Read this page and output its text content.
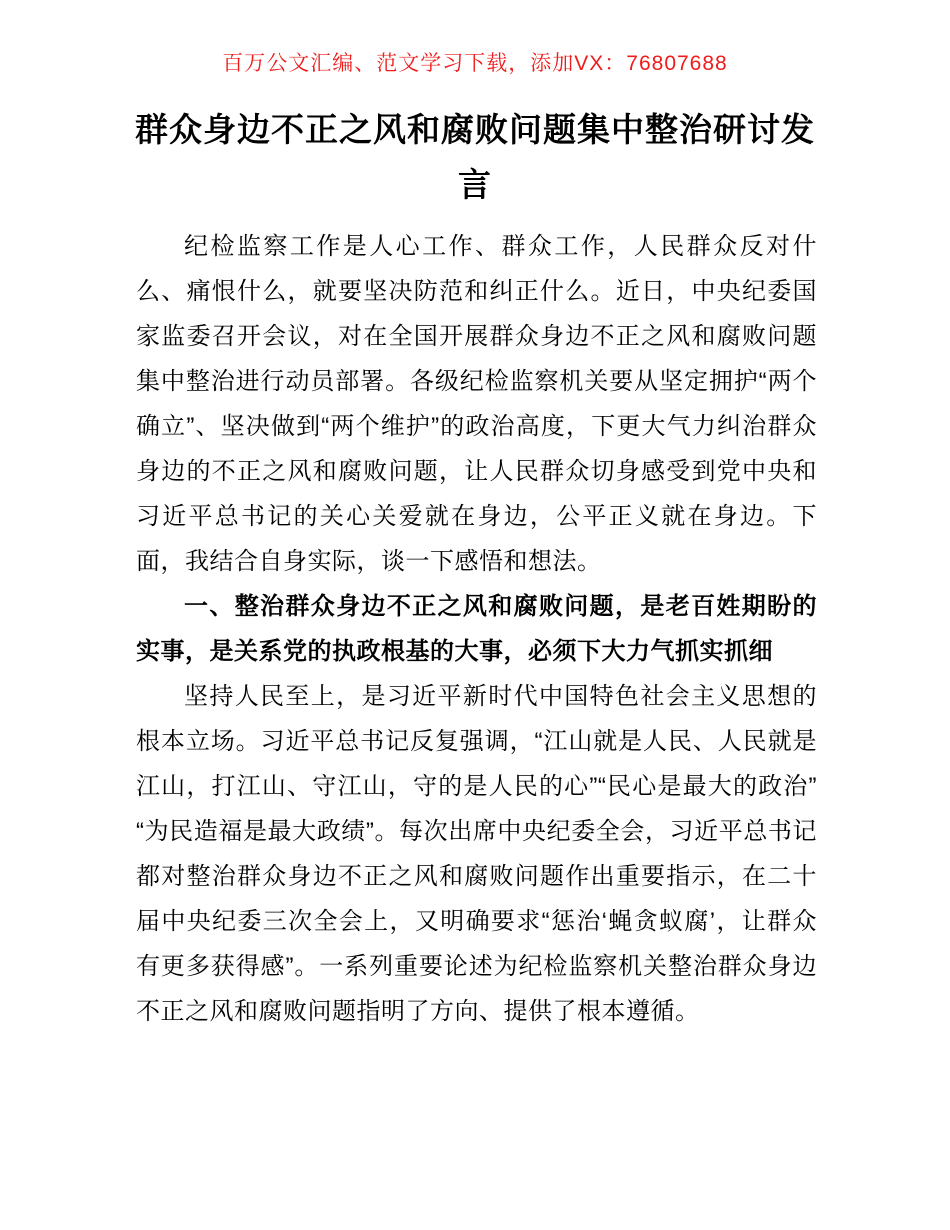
百万公文汇编、范文学习下载，添加VX：76807688
群众身边不正之风和腐败问题集中整治研讨发言

纪检监察工作是人心工作、群众工作，人民群众反对什么、痛恨什么，就要坚决防范和纠正什么。近日，中央纪委国家监委召开会议，对在全国开展群众身边不正之风和腐败问题集中整治进行动员部署。各级纪检监察机关要从坚定拥护“两个确立”、坚决做到“两个维护”的政治高度，下更大气力纠治群众身边的不正之风和腐败问题，让人民群众切身感受到党中央和习近平总书记的关心关爱就在身边，公平正义就在身边。下面，我结合自身实际，谈一下感悟和想法。

一、整治群众身边不正之风和腐败问题，是老百姓期盼的实事，是关系党的执政根基的大事，必须下大力气抓实抓细

坚持人民至上，是习近平新时代中国特色社会主义思想的根本立场。习近平总书记反复强调，“江山就是人民、人民就是江山，打江山、守江山，守的是人民的心”“民心是最大的政治”“为民造福是最大政绩”。每次出席中央纪委全会，习近平总书记都对整治群众身边不正之风和腐败问题作出重要指示，在二十届中央纪委三次全会上，又明确要求“惩治‘蝇贪蚁腐’，让群众有更多获得感”。一系列重要论述为纪检监察机关整治群众身边不正之风和腐败问题指明了方向、提供了根本遵循。
